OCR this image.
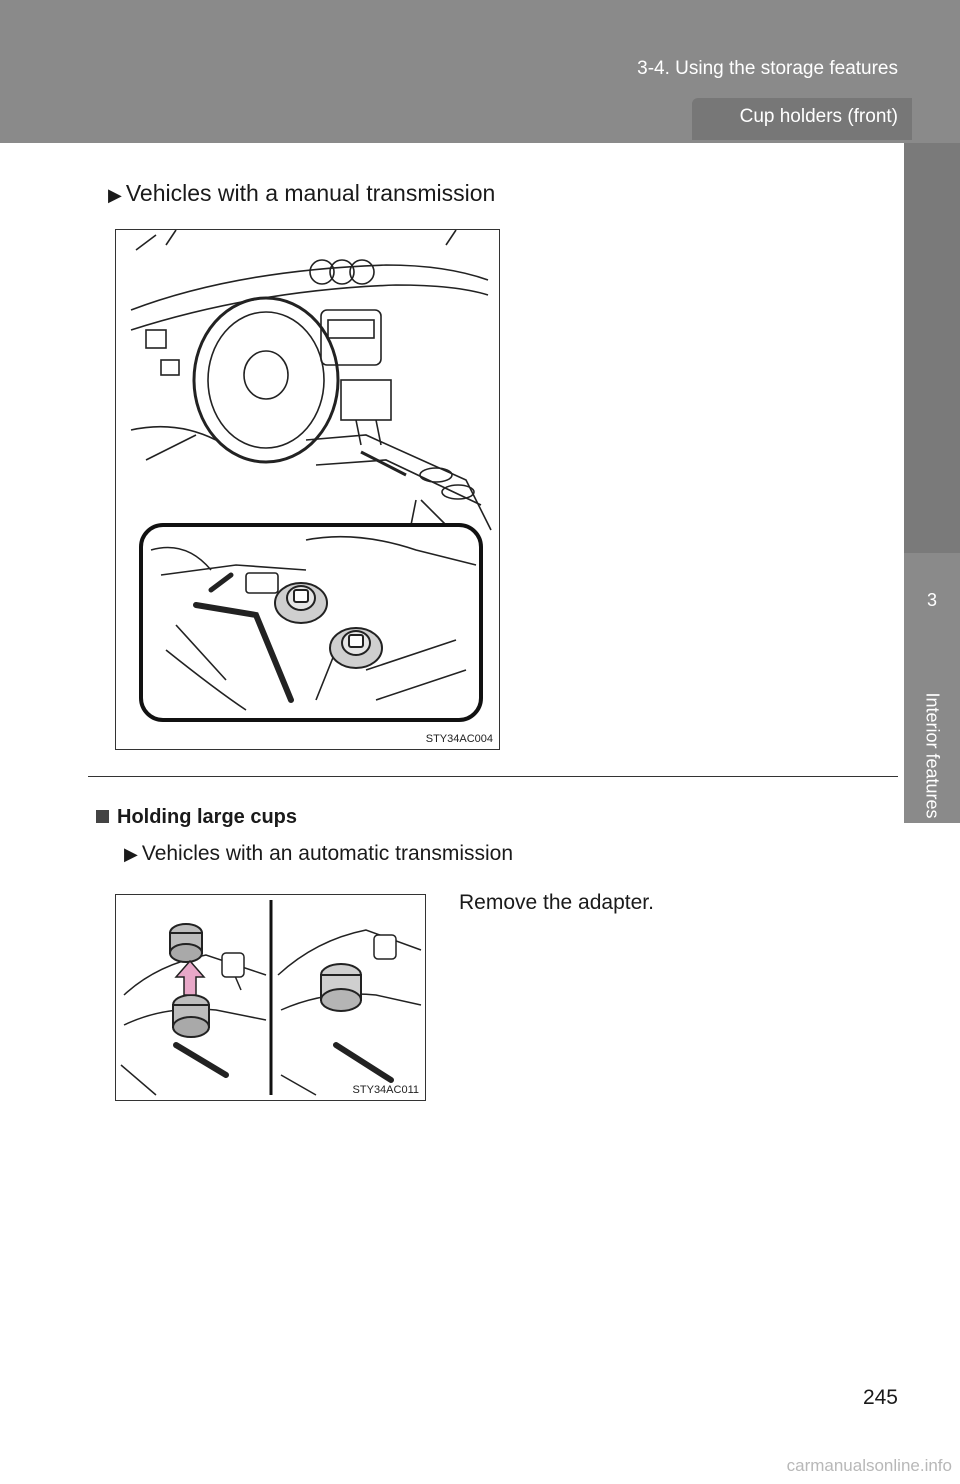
3-4. Using the storage features
Cup holders (front)
3
Interior features
▶ Vehicles with a manual transmission
STY34AC004
Holding large cups
▶ Vehicles with an automatic transmission
STY34AC011
Remove the adapter.
245
carmanualsonline.info
